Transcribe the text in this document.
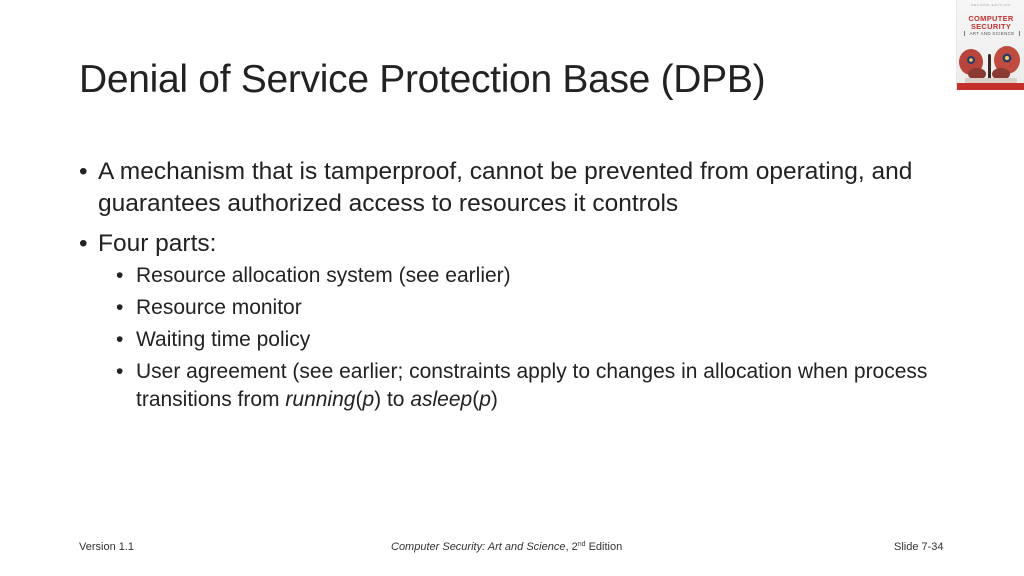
Denial of Service Protection Base (DPB)
SECOND EDITION
COMPUTER
SECURITY
ART AND SCIENCE
• A mechanism that is tamperproof, cannot be prevented from operating, and guarantees authorized access to resources it controls
• Four parts:
• Resource allocation system (see earlier)
• Resource monitor
• Waiting time policy
• User agreement (see earlier; constraints apply to changes in allocation when process transitions from running(p) to asleep(p)
Version 1.1	Computer Security: Art and Science, 2nd Edition	Slide 7-34
